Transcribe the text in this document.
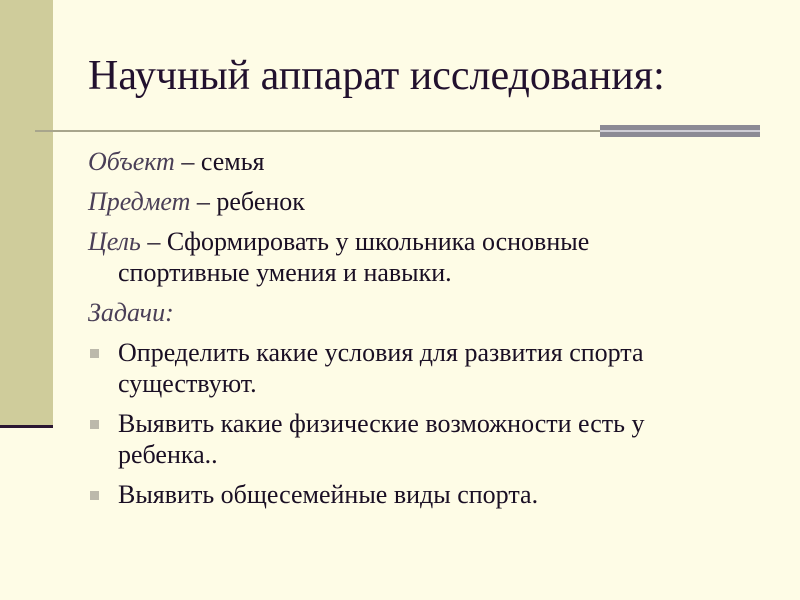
Научный аппарат исследования:
Объект – семья
Предмет – ребенок
Цель – Сформировать у школьника основные
спортивные умения и навыки.
Задачи:
Определить какие условия для развития спорта
существуют.
Выявить какие физические возможности есть у
ребенка..
Выявить общесемейные виды спорта.
